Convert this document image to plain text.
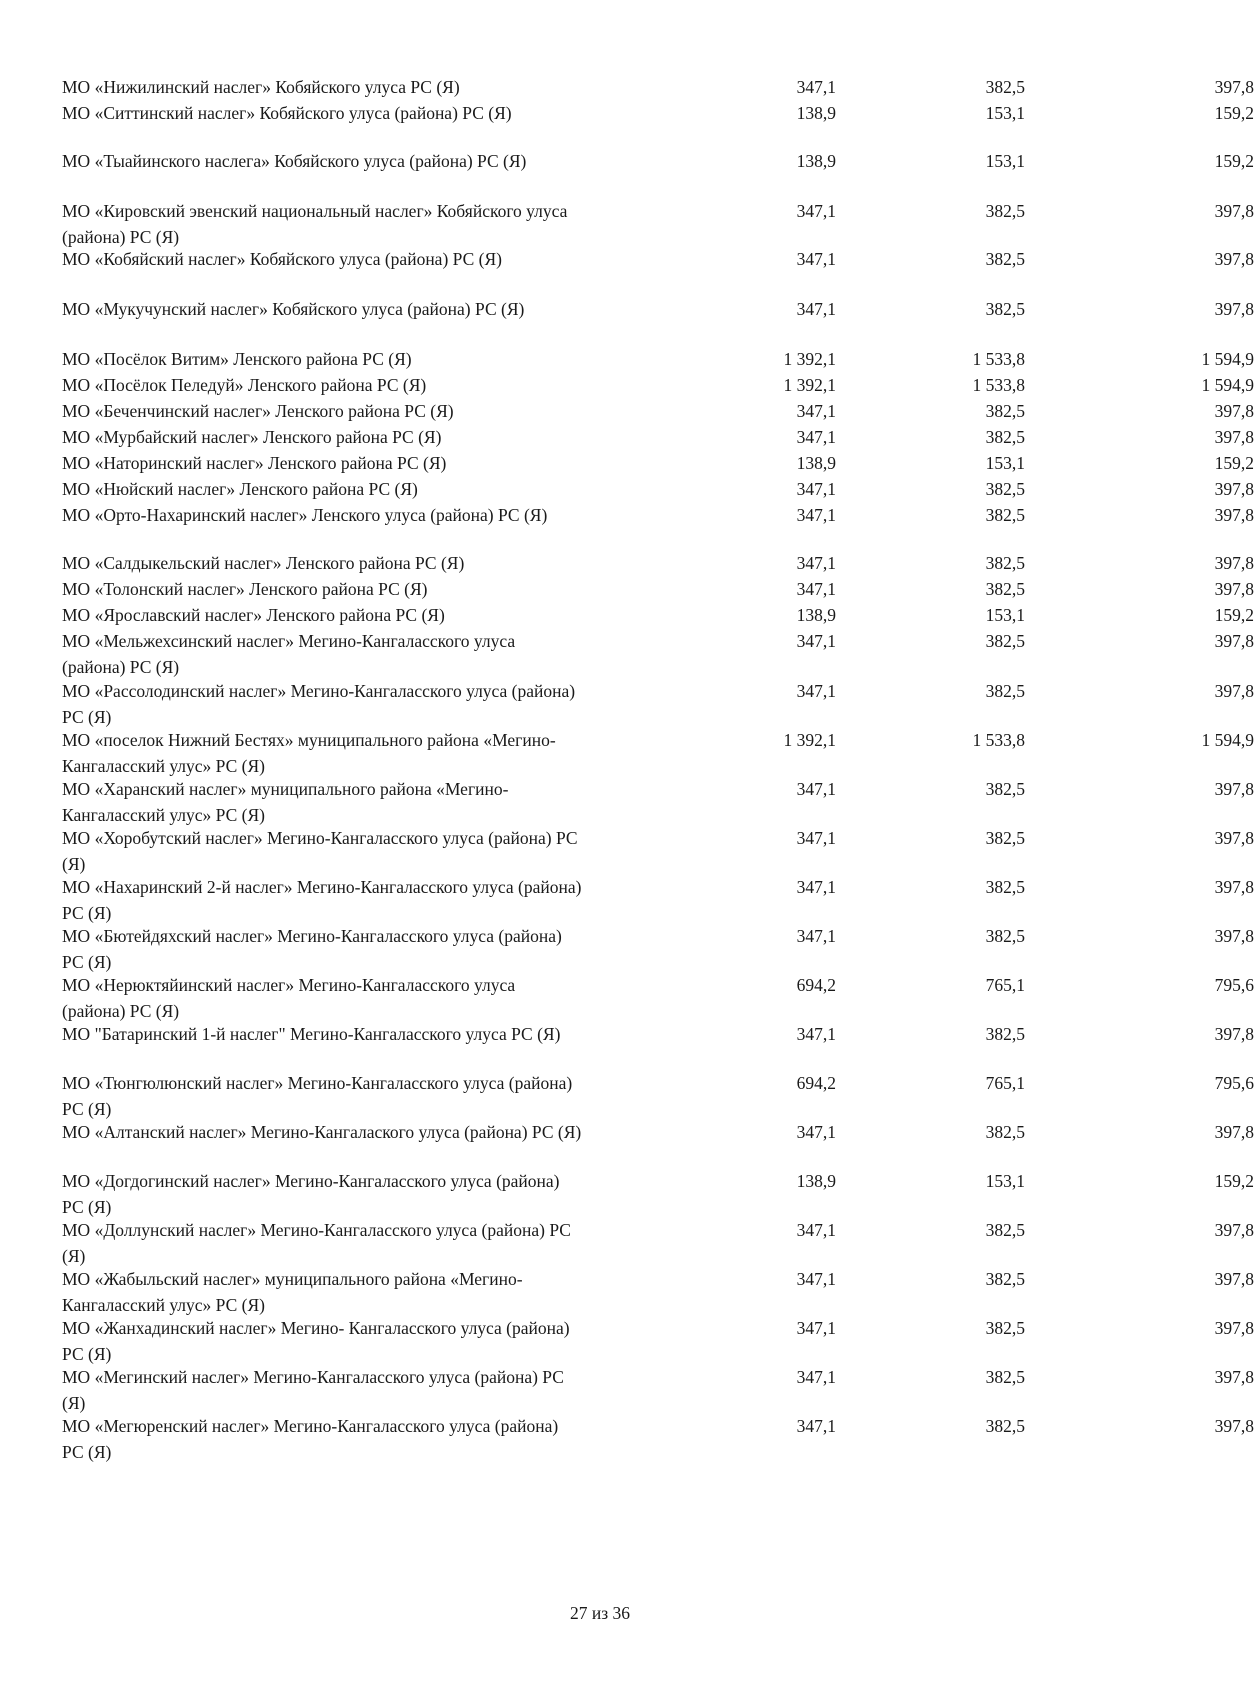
МО «Нижилинский наслег» Кобяйского улуса РС (Я)	347,1	382,5	397,8
МО «Ситтинский наслег» Кобяйского улуса (района) РС (Я)	138,9	153,1	159,2
МО «Тыайинского наслега» Кобяйского улуса (района) РС (Я)	138,9	153,1	159,2
МО «Кировский эвенский национальный наслег» Кобяйского улуса (района) РС (Я)
347,1	382,5	397,8
МО «Кобяйский наслег» Кобяйского улуса (района) РС (Я)	347,1	382,5	397,8
МО «Мукучунский наслег» Кобяйского улуса (района) РС (Я)	347,1	382,5	397,8
МО «Посёлок Витим» Ленского района РС (Я)	1 392,1	1 533,8	1 594,9
МО «Посёлок Пеледуй» Ленского района РС (Я)	1 392,1	1 533,8	1 594,9
МО «Беченчинский наслег» Ленского района РС (Я)	347,1	382,5	397,8
МО «Мурбайский наслег» Ленского района РС (Я)	347,1	382,5	397,8
МО «Наторинский наслег» Ленского района РС (Я)	138,9	153,1	159,2
МО «Нюйский наслег» Ленского района РС (Я)	347,1	382,5	397,8
МО «Орто-Нахаринский наслег» Ленского улуса (района) РС (Я)	347,1	382,5	397,8
МО «Салдыкельский наслег» Ленского района РС (Я)	347,1	382,5	397,8
МО «Толонский наслег» Ленского района РС (Я)	347,1	382,5	397,8
МО «Ярославский наслег» Ленского района РС (Я)	138,9	153,1	159,2
МО «Мельжехсинский наслег» Мегино-Кангаласского улуса (района) РС (Я)
347,1	382,5	397,8
МО «Рассолодинский наслег» Мегино-Кангаласского улуса (района) РС (Я)
347,1	382,5	397,8
МО «поселок Нижний Бестях» муниципального района «Мегино-Кангаласский улус» РС (Я)
1 392,1	1 533,8	1 594,9
МО «Харанский наслег» муниципального района «Мегино-Кангаласский улус» РС (Я)
347,1	382,5	397,8
МО «Хоробутский наслег» Мегино-Кангаласского улуса (района) РС (Я)
347,1	382,5	397,8
МО «Нахаринский 2-й наслег» Мегино-Кангаласского улуса (района) РС (Я)
347,1	382,5	397,8
МО «Бютейдяхский наслег» Мегино-Кангаласского улуса (района) РС (Я)
347,1	382,5	397,8
МО «Нерюктяйинский наслег» Мегино-Кангаласского улуса (района) РС (Я)
694,2	765,1	795,6
МО "Батаринский 1-й наслег" Мегино-Кангаласского улуса РС (Я)	347,1	382,5	397,8
МО «Тюнгюлюнский наслег» Мегино-Кангаласского улуса (района) РС (Я)
694,2	765,1	795,6
МО «Алтанский наслег» Мегино-Кангалаского улуса (района) РС (Я)	347,1	382,5	397,8
МО «Догдогинский наслег» Мегино-Кангаласского улуса (района) РС (Я)
138,9	153,1	159,2
МО «Доллунский наслег» Мегино-Кангаласского улуса (района) РС (Я)
347,1	382,5	397,8
МО «Жабыльский наслег» муниципального района «Мегино-Кангаласский улус» РС (Я)
347,1	382,5	397,8
МО «Жанхадинский наслег» Мегино- Кангаласского улуса (района) РС (Я)
347,1	382,5	397,8
МО «Мегинский наслег» Мегино-Кангаласского улуса (района) РС (Я)
347,1	382,5	397,8
МО «Мегюренский наслег» Мегино-Кангаласского улуса (района) РС (Я)
347,1	382,5	397,8
27 из 36
